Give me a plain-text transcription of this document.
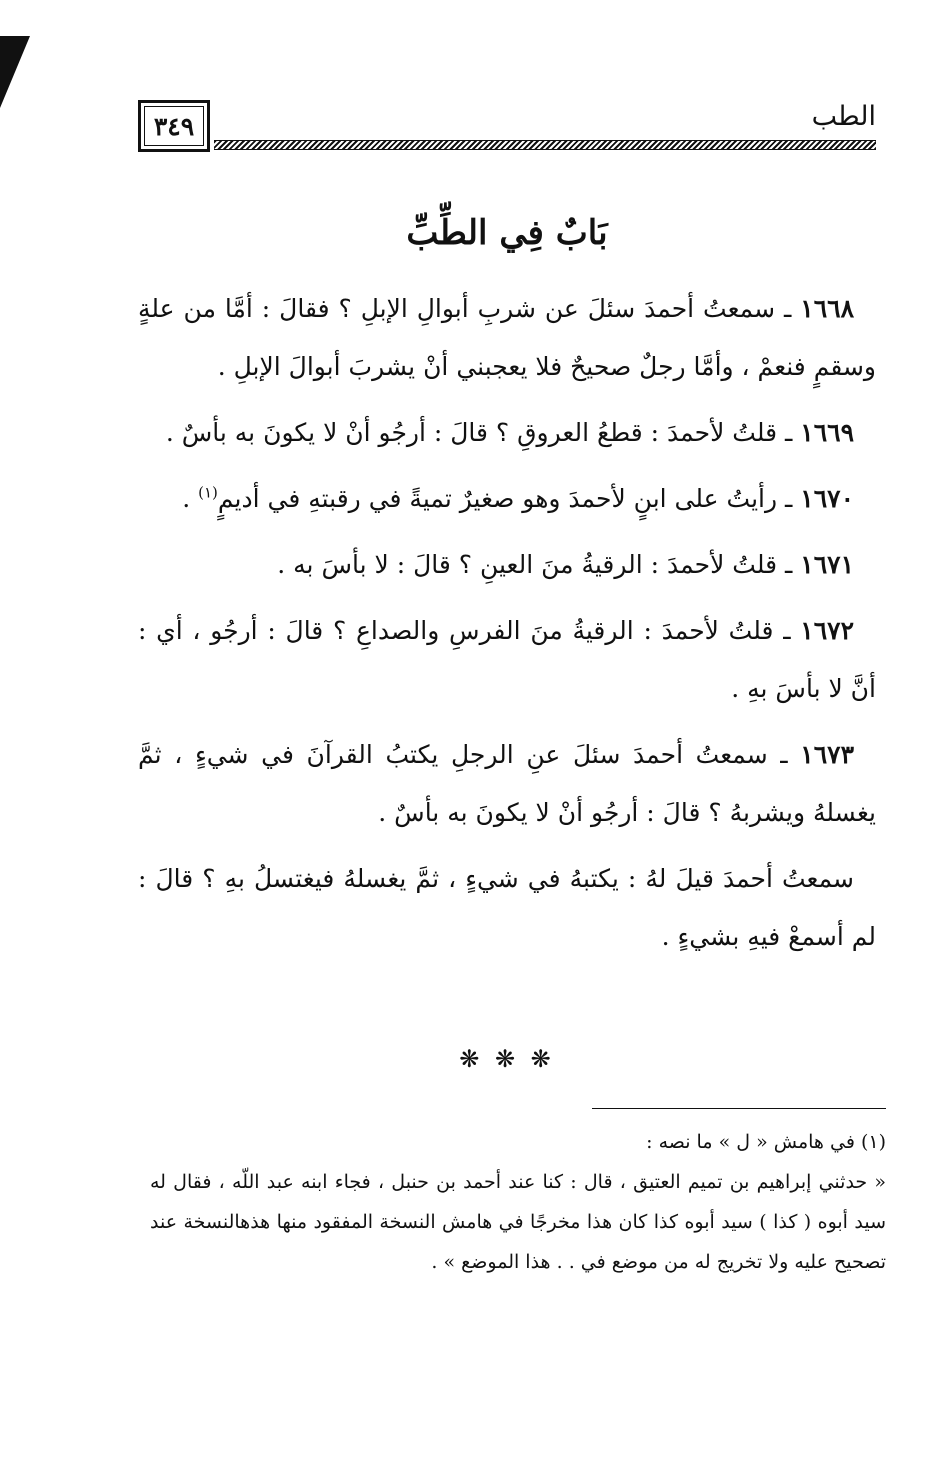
الطب
٣٤٩
بَابٌ فِي الطِّبِّ

١٦٦٨ ـ سمعتُ أحمدَ سئلَ عن شربِ أبوالِ الإبلِ ؟ فقالَ : أمَّا من علةٍ وسقمٍ فنعمْ ، وأمَّا رجلٌ صحيحٌ فلا يعجبني أنْ يشربَ أبوالَ الإبلِ .

١٦٦٩ ـ قلتُ لأحمدَ : قطعُ العروقِ ؟ قالَ : أرجُو أنْ لا يكونَ به بأسٌ .

١٦٧٠ ـ رأيتُ على ابنٍ لأحمدَ وهو صغيرٌ تميةً في رقبتهِ في أديمٍ$^{(١)}$ .

١٦٧١ ـ قلتُ لأحمدَ : الرقيةُ منَ العينِ ؟ قالَ : لا بأسَ به .

١٦٧٢ ـ قلتُ لأحمدَ : الرقيةُ منَ الفرسِ والصداعِ ؟ قالَ : أرجُو ، أي : أنَّ لا بأسَ بهِ .

١٦٧٣ ـ سمعتُ أحمدَ سئلَ عنِ الرجلِ يكتبُ القرآنَ في شيءٍ ، ثمَّ يغسلهُ ويشربهُ ؟ قالَ : أرجُو أنْ لا يكونَ به بأسٌ .

سمعتُ أحمدَ قيلَ لهُ : يكتبهُ في شيءٍ ، ثمَّ يغسلهُ فيغتسلُ بهِ ؟ قالَ : لم أسمعْ فيهِ بشيءٍ .

❋ ❋ ❋

(١) في هامش « ل » ما نصه :

« حدثني إبراهيم بن تميم العتيق ، قال : كنا عند أحمد بن حنبل ، فجاء ابنه عبد اللّه ، فقال له سيد أبوه ( كذا ) سيد أبوه كذا كان هذا مخرجًا في هامش النسخة المفقود منها هذهالنسخة عند تصحيح عليه ولا تخريج له من موضع في . . هذا الموضع » .
